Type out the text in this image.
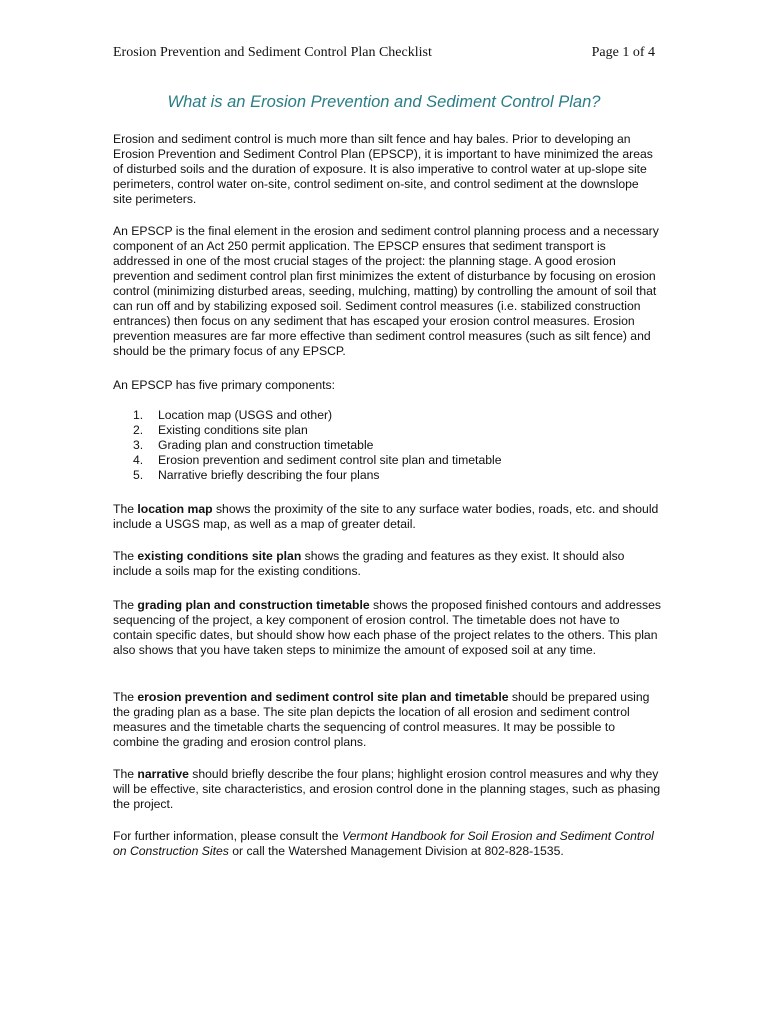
Erosion Prevention and Sediment Control Plan Checklist	Page 1 of 4
What is an Erosion Prevention and Sediment Control Plan?

Erosion and sediment control is much more than silt fence and hay bales. Prior to developing an Erosion Prevention and Sediment Control Plan (EPSCP), it is important to have minimized the areas of disturbed soils and the duration of exposure. It is also imperative to control water at up-slope site perimeters, control water on-site, control sediment on-site, and control sediment at the downslope site perimeters.

An EPSCP is the final element in the erosion and sediment control planning process and a necessary component of an Act 250 permit application. The EPSCP ensures that sediment transport is addressed in one of the most crucial stages of the project: the planning stage. A good erosion prevention and sediment control plan first minimizes the extent of disturbance by focusing on erosion control (minimizing disturbed areas, seeding, mulching, matting) by controlling the amount of soil that can run off and by stabilizing exposed soil. Sediment control measures (i.e. stabilized construction entrances) then focus on any sediment that has escaped your erosion control measures. Erosion prevention measures are far more effective than sediment control measures (such as silt fence) and should be the primary focus of any EPSCP.

An EPSCP has five primary components:

1. Location map (USGS and other)
2. Existing conditions site plan
3. Grading plan and construction timetable
4. Erosion prevention and sediment control site plan and timetable
5. Narrative briefly describing the four plans

The location map shows the proximity of the site to any surface water bodies, roads, etc. and should include a USGS map, as well as a map of greater detail.

The existing conditions site plan shows the grading and features as they exist. It should also include a soils map for the existing conditions.

The grading plan and construction timetable shows the proposed finished contours and addresses sequencing of the project, a key component of erosion control. The timetable does not have to contain specific dates, but should show how each phase of the project relates to the others. This plan also shows that you have taken steps to minimize the amount of exposed soil at any time.

The erosion prevention and sediment control site plan and timetable should be prepared using the grading plan as a base. The site plan depicts the location of all erosion and sediment control measures and the timetable charts the sequencing of control measures. It may be possible to combine the grading and erosion control plans.

The narrative should briefly describe the four plans; highlight erosion control measures and why they will be effective, site characteristics, and erosion control done in the planning stages, such as phasing the project.

For further information, please consult the Vermont Handbook for Soil Erosion and Sediment Control on Construction Sites or call the Watershed Management Division at 802-828-1535.
